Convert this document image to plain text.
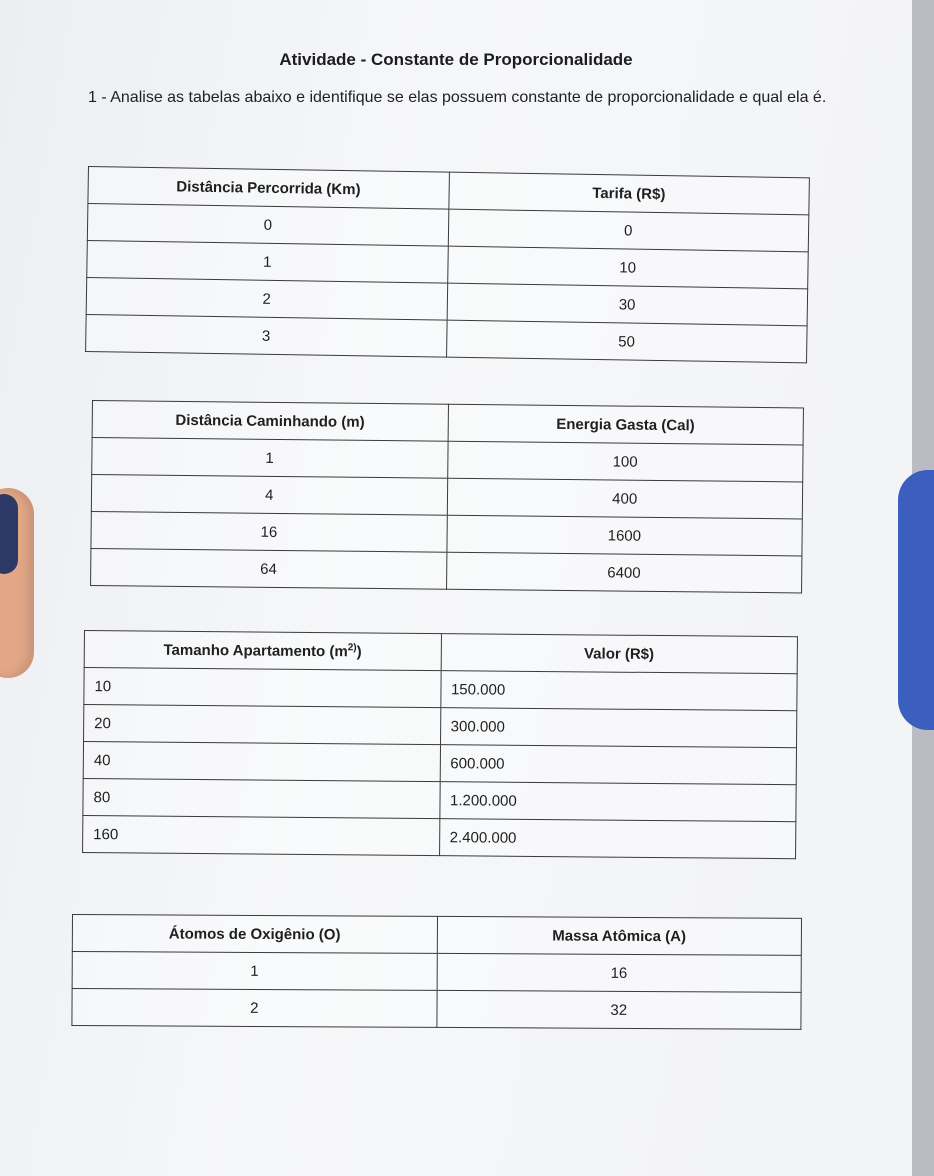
Atividade - Constante de Proporcionalidade
1 - Analise as tabelas abaixo e identifique se elas possuem constante de proporcionalidade e qual ela é.
Distância Percorrida (Km)	Tarifa (R$)
0	0
1	10
2	30
3	50
Distância Caminhando (m)	Energia Gasta (Cal)
1	100
4	400
16	1600
64	6400
Tamanho Apartamento $(m^{2)})$	Valor (R$)
10	150.000
20	300.000
40	600.000
80	1.200.000
160	2.400.000
Átomos de Oxigênio (O)	Massa Atômica (A)
1	16
2	32
